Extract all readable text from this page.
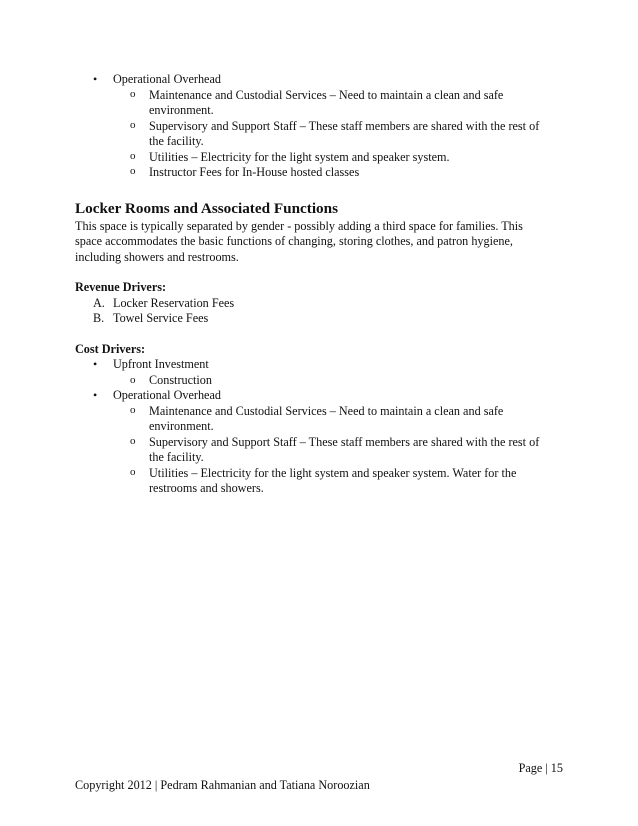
• Operational Overhead
o Maintenance and Custodial Services – Need to maintain a clean and safe
environment.
o Supervisory and Support Staff – These staff members are shared with the rest of
the facility.
o Utilities – Electricity for the light system and speaker system.
o Instructor Fees for In-House hosted classes
Locker Rooms and Associated Functions
This space is typically separated by gender - possibly adding a third space for families. This
space accommodates the basic functions of changing, storing clothes, and patron hygiene,
including showers and restrooms.
Revenue Drivers:
A. Locker Reservation Fees
B. Towel Service Fees
Cost Drivers:
• Upfront Investment
o Construction
• Operational Overhead
o Maintenance and Custodial Services – Need to maintain a clean and safe
environment.
o Supervisory and Support Staff – These staff members are shared with the rest of
the facility.
o Utilities – Electricity for the light system and speaker system. Water for the
restrooms and showers.
Page | 15
Copyright 2012 | Pedram Rahmanian and Tatiana Noroozian
